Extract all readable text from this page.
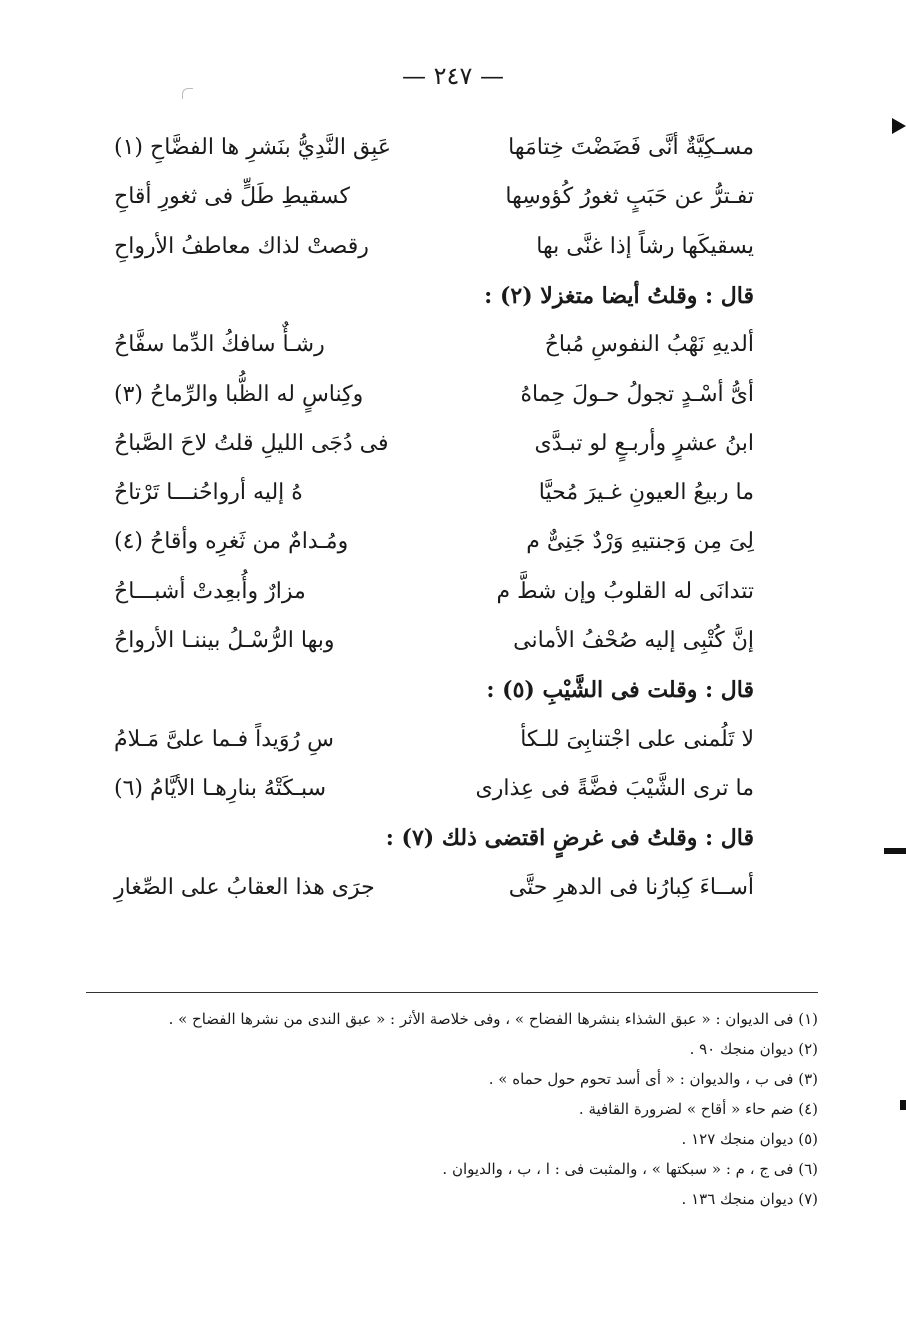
— ٢٤٧ —
مسـكِيَّةٌ أنَّى فَضَضْتَ خِتامَها
عَبِق النَّدِيُّ بنَشرِ ها الفضَّاحِ (١)
تفـترُّ عن حَبَبٍ ثغورُ كُؤوسِها
كسقيطِ طَلٍّ فى ثغورِ أقاحِ
يسقيكَها رشاً إذا غنَّى بها
رقصتْ لذاك معاطفُ الأرواحِ
قال : وقلتُ أيضا متغزلا (٢) :
ألديهِ نَهْبُ النفوسِ مُباحُ
رشـأٌ سافكُ الدِّما سفَّاحُ
أىُّ أسْـدٍ تجولُ حـولَ حِماهُ
وكِناسٍ له الظُّبا والرِّماحُ (٣)
ابنُ عشرٍ وأربـعٍ لو تبـدَّى
فى دُجَى الليلِ قلتُ لاحَ الصَّباحُ
ما ربيعُ العيونِ غـيرَ مُحيَّا
هُ إليه أرواحُنـــا تَرْتاحُ
لِىَ مِن وَجنتيهِ وَرْدٌ جَنِىٌّ م
ومُـدامٌ من ثَغرِه وأقاحُ (٤)
تتدانَى له القلوبُ وإن شطَّ م
مزارٌ وأُبعِدتْ أشبـــاحُ
إنَّ كُتْبِى إليه صُحْفُ الأمانى
وبها الرُّسْـلُ بيننـا الأرواحُ
قال : وقلت فى الشَّيْبِ (٥) :
لا تَلُمنى على اجْتنابِىَ للـكأ
سِ رُوَيداً فـما علىَّ مَـلامُ
ما ترى الشَّيْبَ فضَّةً فى عِذارى
سبـكَتْهُ بنارِهـا الأيَّامُ (٦)
قال : وقلتُ فى غرضٍ اقتضى ذلك (٧) :
أســاءَ كِبارُنا فى الدهرِ حتَّى
جرَى هذا العقابُ على الصِّغارِ
(١) فى الديوان : « عبق الشذاء بنشرها الفضاح » ، وفى خلاصة الأثر : « عبق الندى من نشرها الفضاح » .
(٢) ديوان منجك ٩٠ .
(٣) فى ب ، والديوان : « أى أسد تحوم حول حماه » .
(٤) ضم حاء « أقاح » لضرورة القافية .
(٥) ديوان منجك ١٢٧ .
(٦) فى ج ، م : « سبكتها » ، والمثبت فى : ا ، ب ، والديوان .
(٧) ديوان منجك ١٣٦ .
